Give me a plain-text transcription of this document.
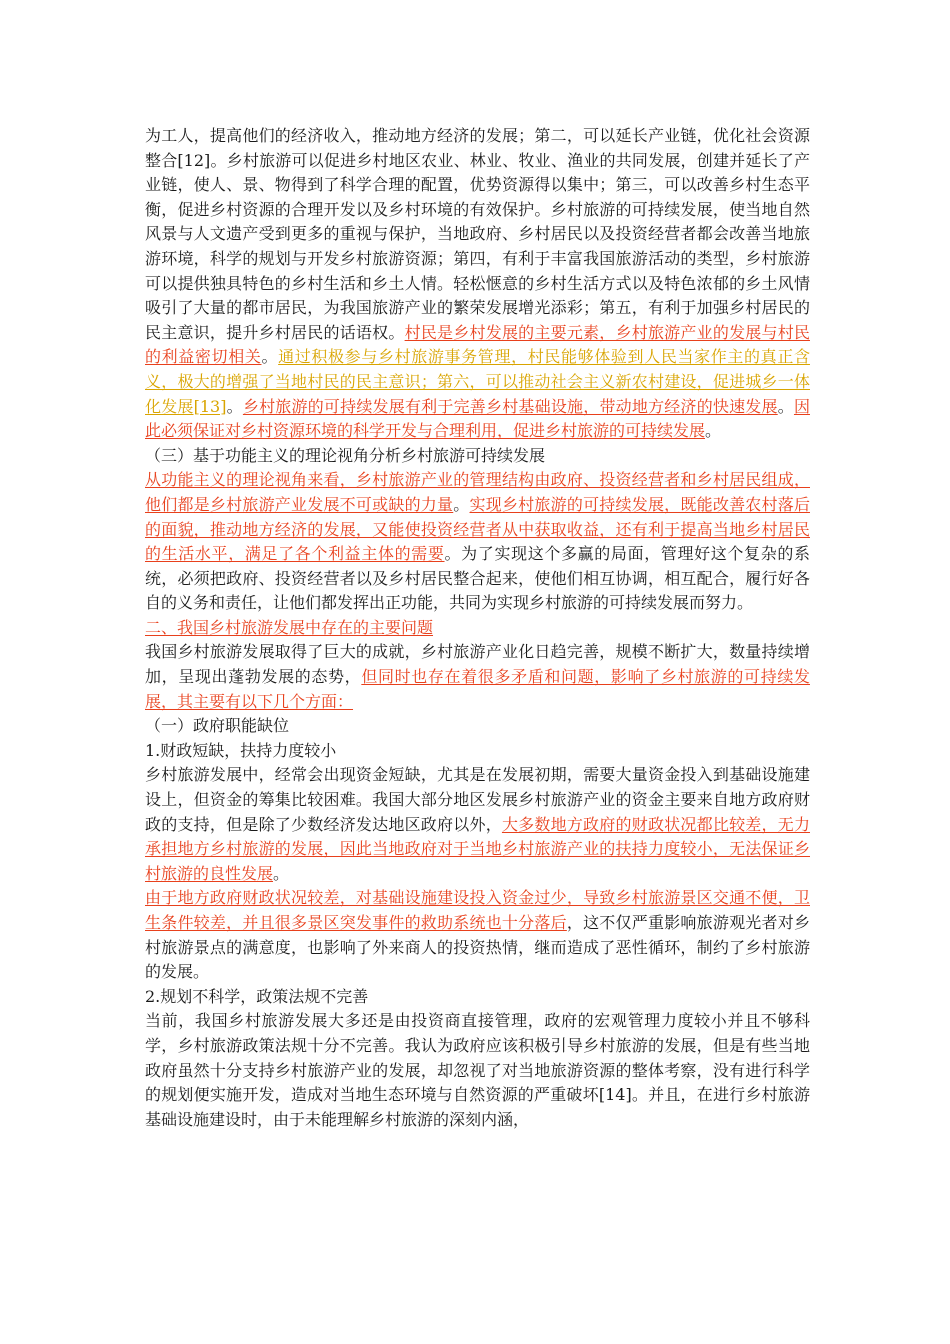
为工人，提高他们的经济收入，推动地方经济的发展；第二，可以延长产业链，优化社会资源整合[12]。乡村旅游可以促进乡村地区农业、林业、牧业、渔业的共同发展，创建并延长了产业链，使人、景、物得到了科学合理的配置，优势资源得以集中；第三，可以改善乡村生态平衡，促进乡村资源的合理开发以及乡村环境的有效保护。乡村旅游的可持续发展，使当地自然风景与人文遗产受到更多的重视与保护，当地政府、乡村居民以及投资经营者都会改善当地旅游环境，科学的规划与开发乡村旅游资源；第四，有利于丰富我国旅游活动的类型，乡村旅游可以提供独具特色的乡村生活和乡土人情。轻松惬意的乡村生活方式以及特色浓郁的乡土风情吸引了大量的都市居民，为我国旅游产业的繁荣发展增光添彩；第五，有利于加强乡村居民的民主意识，提升乡村居民的话语权。村民是乡村发展的主要元素，乡村旅游产业的发展与村民的利益密切相关。通过积极参与乡村旅游事务管理，村民能够体验到人民当家作主的真正含义，极大的增强了当地村民的民主意识；第六，可以推动社会主义新农村建设，促进城乡一体化发展[13]。乡村旅游的可持续发展有利于完善乡村基础设施，带动地方经济的快速发展。因此必须保证对乡村资源环境的科学开发与合理利用，促进乡村旅游的可持续发展。

（三）基于功能主义的理论视角分析乡村旅游可持续发展

从功能主义的理论视角来看，乡村旅游产业的管理结构由政府、投资经营者和乡村居民组成，他们都是乡村旅游产业发展不可或缺的力量。实现乡村旅游的可持续发展，既能改善农村落后的面貌，推动地方经济的发展，又能使投资经营者从中获取收益，还有利于提高当地乡村居民的生活水平，满足了各个利益主体的需要。为了实现这个多赢的局面，管理好这个复杂的系统，必须把政府、投资经营者以及乡村居民整合起来，使他们相互协调，相互配合，履行好各自的义务和责任，让他们都发挥出正功能，共同为实现乡村旅游的可持续发展而努力。

二、我国乡村旅游发展中存在的主要问题

我国乡村旅游发展取得了巨大的成就，乡村旅游产业化日趋完善，规模不断扩大，数量持续增加，呈现出蓬勃发展的态势，但同时也存在着很多矛盾和问题，影响了乡村旅游的可持续发展，其主要有以下几个方面：

（一）政府职能缺位

1.财政短缺，扶持力度较小

乡村旅游发展中，经常会出现资金短缺，尤其是在发展初期，需要大量资金投入到基础设施建设上，但资金的筹集比较困难。我国大部分地区发展乡村旅游产业的资金主要来自地方政府财政的支持，但是除了少数经济发达地区政府以外，大多数地方政府的财政状况都比较差，无力承担地方乡村旅游的发展，因此当地政府对于当地乡村旅游产业的扶持力度较小，无法保证乡村旅游的良性发展。

由于地方政府财政状况较差，对基础设施建设投入资金过少，导致乡村旅游景区交通不便，卫生条件较差，并且很多景区突发事件的救助系统也十分落后，这不仅严重影响旅游观光者对乡村旅游景点的满意度，也影响了外来商人的投资热情，继而造成了恶性循环，制约了乡村旅游的发展。

2.规划不科学，政策法规不完善

当前，我国乡村旅游发展大多还是由投资商直接管理，政府的宏观管理力度较小并且不够科学，乡村旅游政策法规十分不完善。我认为政府应该积极引导乡村旅游的发展，但是有些当地政府虽然十分支持乡村旅游产业的发展，却忽视了对当地旅游资源的整体考察，没有进行科学的规划便实施开发，造成对当地生态环境与自然资源的严重破坏[14]。并且，在进行乡村旅游基础设施建设时，由于未能理解乡村旅游的深刻内涵，
